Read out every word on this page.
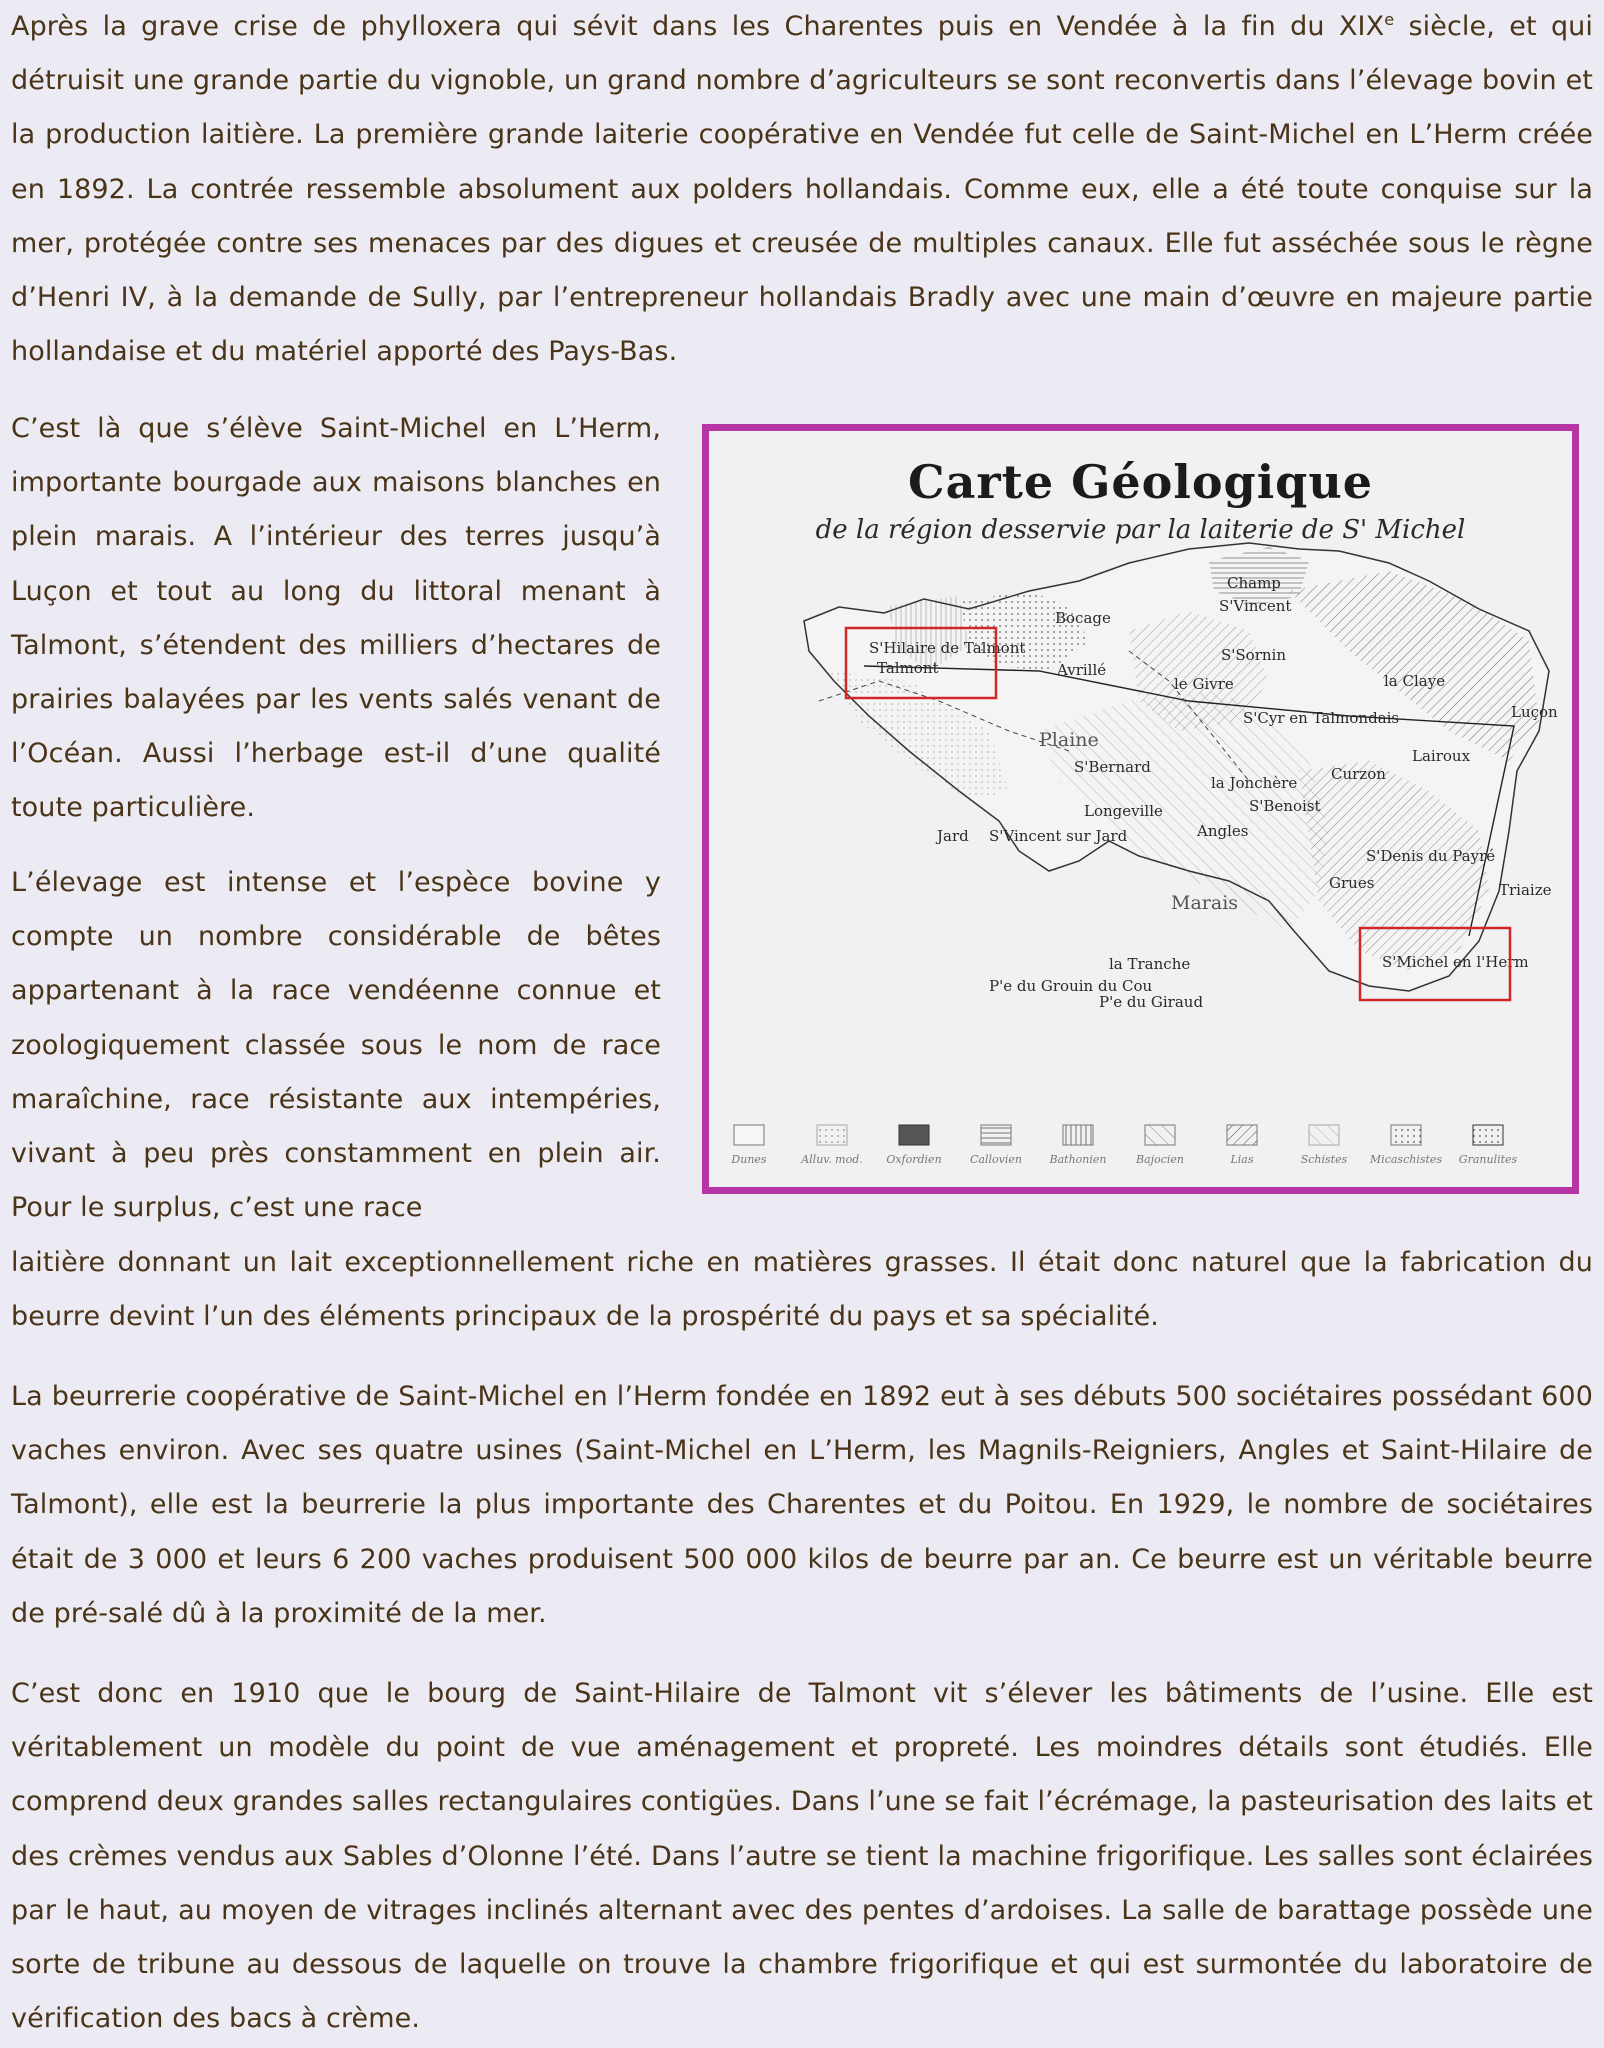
Après la grave crise de phylloxera qui sévit dans les Charentes puis en Vendée à la fin du XIXe siècle, et qui détruisit une grande partie du vignoble, un grand nombre d’agriculteurs se sont reconvertis dans l’élevage bovin et la production laitière. La première grande laiterie coopérative en Vendée fut celle de Saint-Michel en L’Herm créée en 1892. La contrée ressemble absolument aux polders hollandais. Comme eux, elle a été toute conquise sur la mer, protégée contre ses menaces par des digues et creusée de multiples canaux. Elle fut asséchée sous le règne d’Henri IV, à la demande de Sully, par l’entrepreneur hollandais Bradly avec une main d’œuvre en majeure partie hollandaise et du matériel apporté des Pays-Bas.

C’est là que s’élève Saint-Michel en L’Herm, importante bourgade aux maisons blanches en plein marais. A l’intérieur des terres jusqu’à Luçon et tout au long du littoral menant à Talmont, s’étendent des milliers d’hectares de prairies balayées par les vents salés venant de l’Océan. Aussi l’herbage est-il d’une qualité toute particulière.

L’élevage est intense et l’espèce bovine y compte un nombre considérable de bêtes appartenant à la race vendéenne connue et zoologiquement classée sous le nom de race maraîchine, race résistante aux intempéries, vivant à peu près constamment en plein air. Pour le surplus, c’est une race

laitière donnant un lait exceptionnellement riche en matières grasses. Il était donc naturel que la fabrication du beurre devint l’un des éléments principaux de la prospérité du pays et sa spécialité.

La beurrerie coopérative de Saint-Michel en l’Herm fondée en 1892 eut à ses débuts 500 sociétaires possédant 600 vaches environ. Avec ses quatre usines (Saint-Michel en L’Herm, les Magnils-Reigniers, Angles et Saint-Hilaire de Talmont), elle est la beurrerie la plus importante des Charentes et du Poitou. En 1929, le nombre de sociétaires était de 3 000 et leurs 6 200 vaches produisent 500 000 kilos de beurre par an. Ce beurre est un véritable beurre de pré-salé dû à la proximité de la mer.

C’est donc en 1910 que le bourg de Saint-Hilaire de Talmont vit s’élever les bâtiments de l’usine. Elle est véritablement un modèle du point de vue aménagement et propreté. Les moindres détails sont étudiés. Elle comprend deux grandes salles rectangulaires contigües. Dans l’une se fait l’écrémage, la pasteurisation des laits et des crèmes vendus aux Sables d’Olonne l’été. Dans l’autre se tient la machine frigorifique. Les salles sont éclairées par le haut, au moyen de vitrages inclinés alternant avec des pentes d’ardoises. La salle de barattage possède une sorte de tribune au dessous de laquelle on trouve la chambre frigorifique et qui est surmontée du laboratoire de vérification des bacs à crème.

Champ
S'Vincent
Bocage
S'Hilaire de Talmont
Talmont	Avrillé
S'Sornin
le Givre	la Claye
Luçon
S'Cyr en Talmondais
Plaine
S'Bernard
Lairoux
Curzon
la Jonchère
S'Benoist
Longeville
Jard S'Vincent sur Jard	Angles
S'Denis du Payré
Triaize
Grues
Marais
la Tranche	S'Michel en l'Herm
P'e du Grouin du Cou
P'e du Giraud
Dunes	Alluv. mod. Oxfordien	Callovien	Bathonien	Bajocien	Lias	Schistes Micaschistes Granulites
Carte Géologique
de la région desservie par la laiterie de S' Michel
